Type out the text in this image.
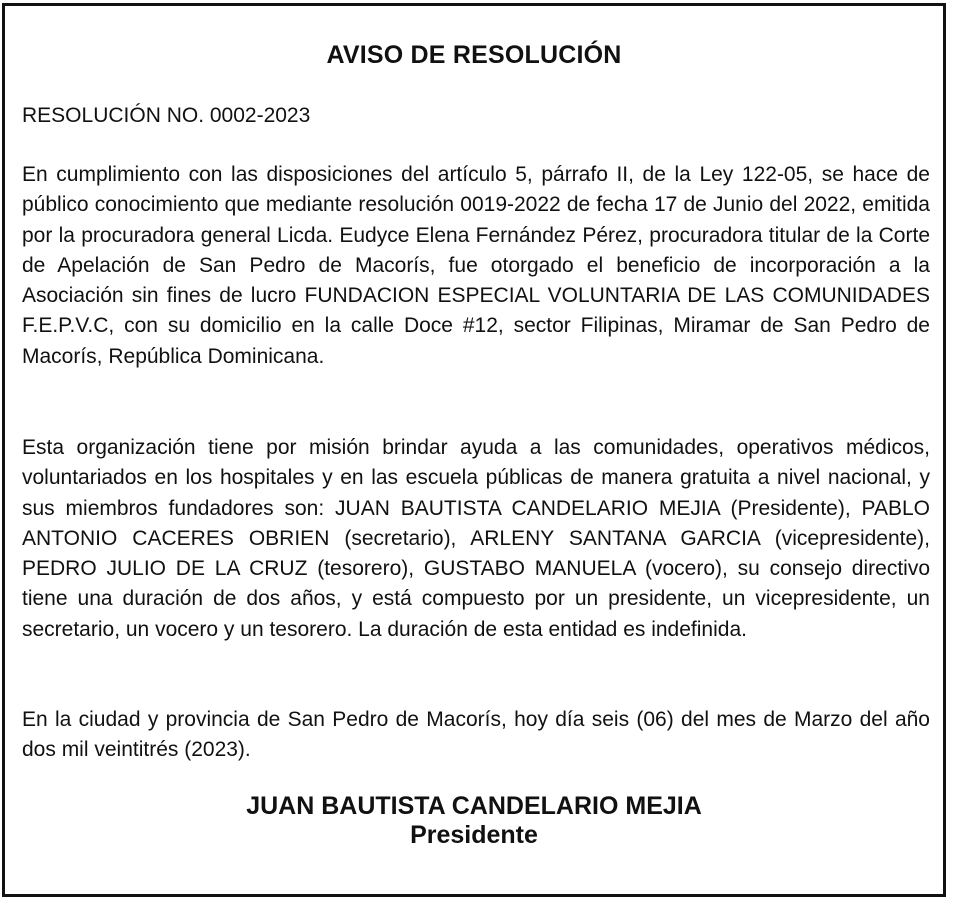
AVISO DE RESOLUCIÓN
RESOLUCIÓN NO. 0002-2023
En cumplimiento con las disposiciones del artículo 5, párrafo II, de la Ley 122-05, se hace de público conocimiento que mediante resolución 0019-2022 de fecha 17 de Junio del 2022, emitida por la procuradora general Licda. Eudyce Elena Fernández Pérez, procuradora titular de la Corte de Apelación de San Pedro de Macorís, fue otorgado el beneficio de incorporación a la Asociación sin fines de lucro FUNDACION ESPECIAL VOLUNTARIA DE LAS COMUNIDADES F.E.P.V.C, con su domicilio en la calle Doce #12, sector Filipinas, Miramar de San Pedro de Macorís, República Dominicana.
Esta organización tiene por misión brindar ayuda a las comunidades, operativos médicos, voluntariados en los hospitales y en las escuela públicas de manera gratuita a nivel nacional, y sus miembros fundadores son: JUAN BAUTISTA CANDELARIO MEJIA (Presidente), PABLO ANTONIO CACERES OBRIEN (secretario), ARLENY SANTANA GARCIA (vicepresidente), PEDRO JULIO DE LA CRUZ (tesorero), GUSTABO MANUELA (vocero), su consejo directivo tiene una duración de dos años, y está compuesto por un presidente, un vicepresidente, un secretario, un vocero y un tesorero. La duración de esta entidad es indefinida.
En la ciudad y provincia de San Pedro de Macorís, hoy día seis (06) del mes de Marzo del año dos mil veintitrés (2023).
JUAN BAUTISTA CANDELARIO MEJIA
Presidente
